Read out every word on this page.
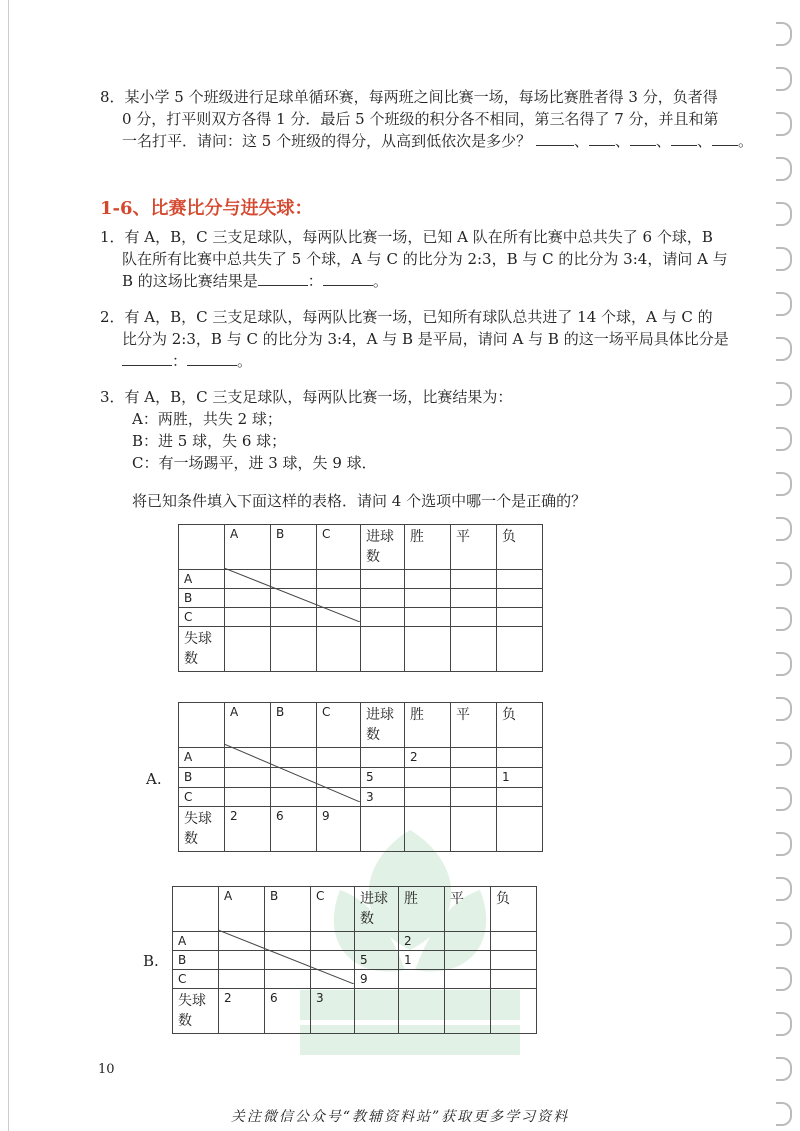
8．某小学 5 个班级进行足球单循环赛，每两班之间比赛一场，每场比赛胜者得 3 分，负者得
0 分，打平则双方各得 1 分．最后 5 个班级的积分各不相同，第三名得了 7 分，并且和第
一名打平．请问：这 5 个班级的得分，从高到低依次是多少？	、 、 、 、 。
1-6、比赛比分与进失球：
1．有 A，B，C 三支足球队，每两队比赛一场，已知 A 队在所有比赛中总共失了 6 个球，B
队在所有比赛中总共失了 5 个球，A 与 C 的比分为 2:3，B 与 C 的比分为 3:4，请问 A 与
B 的这场比赛结果是	：	。
2．有 A，B，C 三支足球队，每两队比赛一场，已知所有球队总共进了 14 个球，A 与 C 的
比分为 2:3，B 与 C 的比分为 3:4，A 与 B 是平局，请问 A 与 B 的这一场平局具体比分是
：	。
3．有 A，B，C 三支足球队，每两队比赛一场，比赛结果为：
A：两胜，共失 2 球；
B：进 5 球，失 6 球；
C：有一场踢平，进 3 球，失 9 球．
将已知条件填入下面这样的表格．请问 4 个选项中哪一个是正确的？
	A	B	C	进球数	胜	平	负
A							
B							
C							
失球数							
	A	B	C	进球数	胜	平	负
A					2		
B				5			1
C				3			
失球数	2	6	9				
	A	B	C	进球数	胜	平	负
A					2		
B				5	1		
C				9			
失球数	2	6	3				
A.
B.
10
关注微信公众号“教辅资料站”获取更多学习资料
